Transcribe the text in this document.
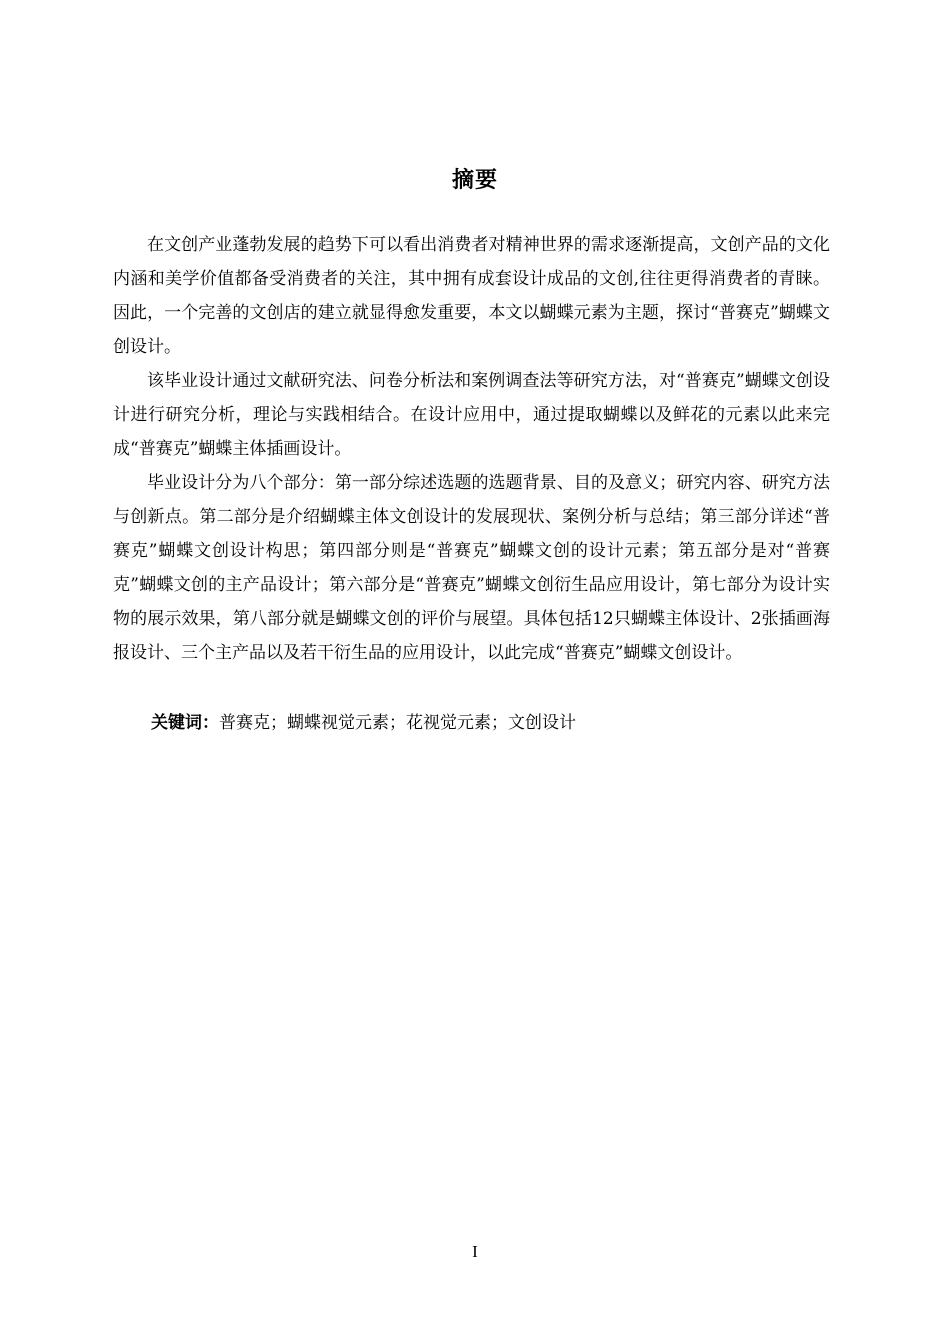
摘要

在文创产业蓬勃发展的趋势下可以看出消费者对精神世界的需求逐渐提高，文创产品的文化内涵和美学价值都备受消费者的关注，其中拥有成套设计成品的文创,往往更得消费者的青睐。因此，一个完善的文创店的建立就显得愈发重要，本文以蝴蝶元素为主题，探讨“普赛克”蝴蝶文创设计。

该毕业设计通过文献研究法、问卷分析法和案例调查法等研究方法，对“普赛克”蝴蝶文创设计进行研究分析，理论与实践相结合。在设计应用中，通过提取蝴蝶以及鲜花的元素以此来完成“普赛克”蝴蝶主体插画设计。

毕业设计分为八个部分：第一部分综述选题的选题背景、目的及意义；研究内容、研究方法与创新点。第二部分是介绍蝴蝶主体文创设计的发展现状、案例分析与总结；第三部分详述“普赛克”蝴蝶文创设计构思；第四部分则是“普赛克”蝴蝶文创的设计元素；第五部分是对“普赛克”蝴蝶文创的主产品设计；第六部分是“普赛克”蝴蝶文创衍生品应用设计，第七部分为设计实物的展示效果，第八部分就是蝴蝶文创的评价与展望。具体包括12只蝴蝶主体设计、2张插画海报设计、三个主产品以及若干衍生品的应用设计，以此完成“普赛克”蝴蝶文创设计。

关键词：普赛克；蝴蝶视觉元素；花视觉元素；文创设计
I
